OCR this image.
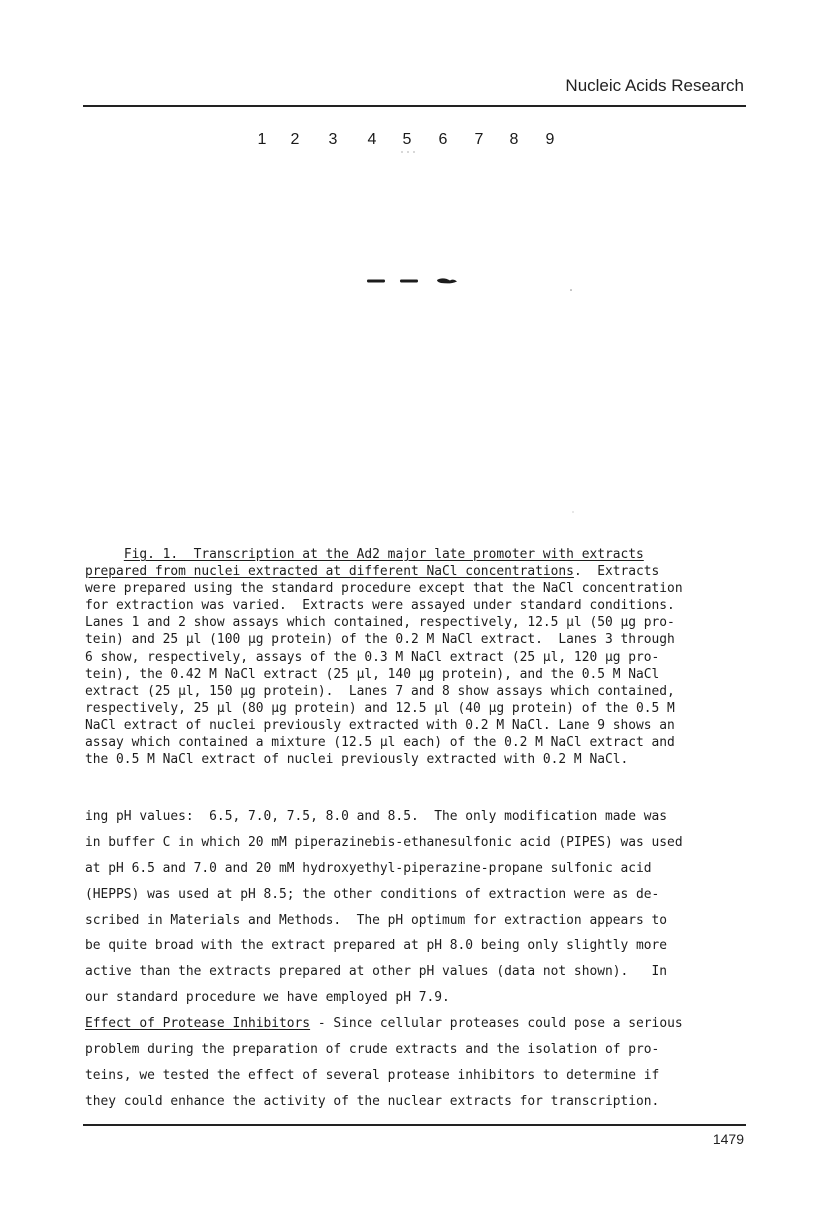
Nucleic Acids Research
1	2	3	4	5	6	7	8	9
Fig. 1.  Transcription at the Ad2 major late promoter with extracts
prepared from nuclei extracted at different NaCl concentrations.  Extracts
were prepared using the standard procedure except that the NaCl concentration
for extraction was varied.  Extracts were assayed under standard conditions.
Lanes 1 and 2 show assays which contained, respectively, 12.5 µl (50 µg pro-
tein) and 25 µl (100 µg protein) of the 0.2 M NaCl extract.  Lanes 3 through
6 show, respectively, assays of the 0.3 M NaCl extract (25 µl, 120 µg pro-
tein), the 0.42 M NaCl extract (25 µl, 140 µg protein), and the 0.5 M NaCl
extract (25 µl, 150 µg protein).  Lanes 7 and 8 show assays which contained,
respectively, 25 µl (80 µg protein) and 12.5 µl (40 µg protein) of the 0.5 M
NaCl extract of nuclei previously extracted with 0.2 M NaCl. Lane 9 shows an
assay which contained a mixture (12.5 µl each) of the 0.2 M NaCl extract and
the 0.5 M NaCl extract of nuclei previously extracted with 0.2 M NaCl.
ing pH values:  6.5, 7.0, 7.5, 8.0 and 8.5.  The only modification made was
in buffer C in which 20 mM piperazinebis-ethanesulfonic acid (PIPES) was used
at pH 6.5 and 7.0 and 20 mM hydroxyethyl-piperazine-propane sulfonic acid
(HEPPS) was used at pH 8.5; the other conditions of extraction were as de-
scribed in Materials and Methods.  The pH optimum for extraction appears to
be quite broad with the extract prepared at pH 8.0 being only slightly more
active than the extracts prepared at other pH values (data not shown).   In
our standard procedure we have employed pH 7.9.
Effect of Protease Inhibitors - Since cellular proteases could pose a serious
problem during the preparation of crude extracts and the isolation of pro-
teins, we tested the effect of several protease inhibitors to determine if
they could enhance the activity of the nuclear extracts for transcription.
1479
